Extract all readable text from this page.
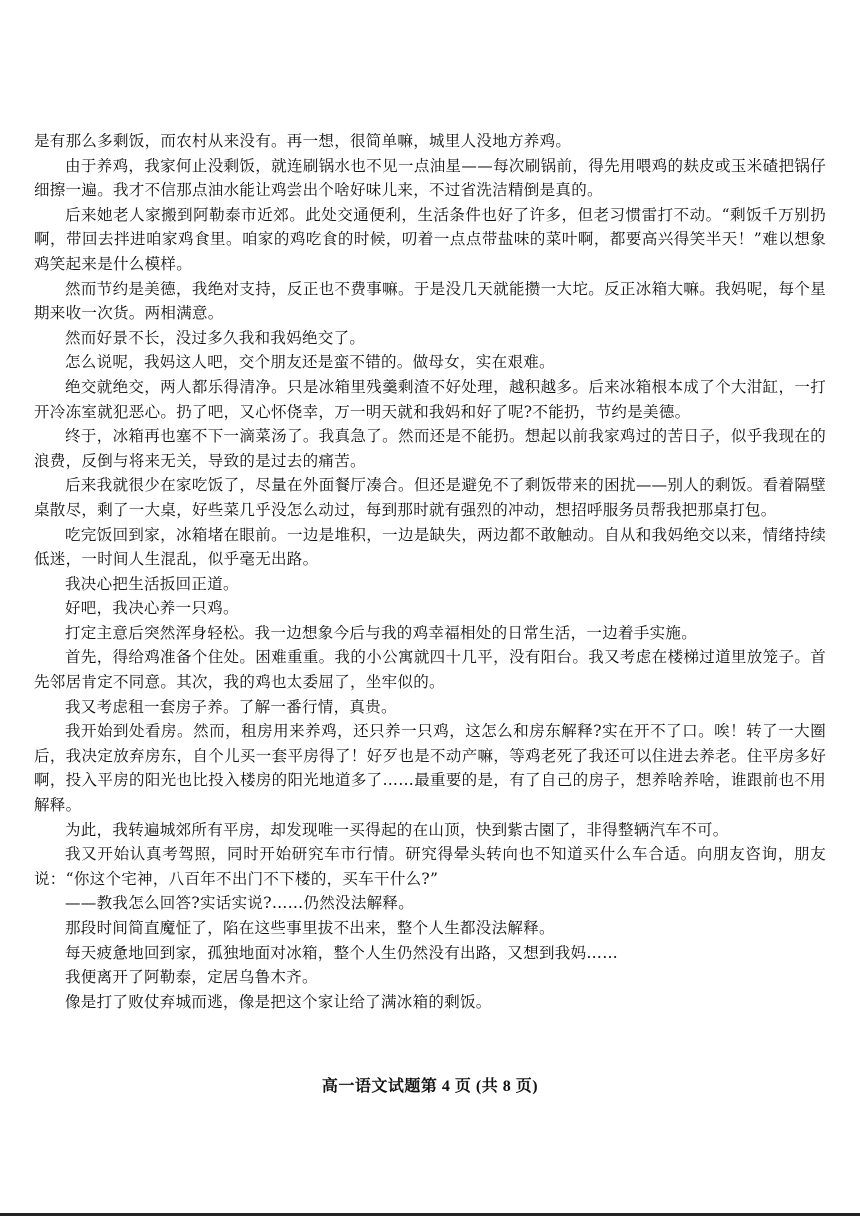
是有那么多剩饭，而农村从来没有。再一想，很简单嘛，城里人没地方养鸡。

由于养鸡，我家何止没剩饭，就连刷锅水也不见一点油星——每次刷锅前，得先用喂鸡的麸皮或玉米碴把锅仔细擦一遍。我才不信那点油水能让鸡尝出个啥好味儿来，不过省洗洁精倒是真的。

后来她老人家搬到阿勒泰市近郊。此处交通便利，生活条件也好了许多，但老习惯雷打不动。“剩饭千万别扔啊，带回去拌进咱家鸡食里。咱家的鸡吃食的时候，叨着一点点带盐味的菜叶啊，都要高兴得笑半天！”难以想象鸡笑起来是什么模样。

然而节约是美德，我绝对支持，反正也不费事嘛。于是没几天就能攒一大坨。反正冰箱大嘛。我妈呢，每个星期来收一次货。两相满意。

然而好景不长，没过多久我和我妈绝交了。

怎么说呢，我妈这人吧，交个朋友还是蛮不错的。做母女，实在艰难。

绝交就绝交，两人都乐得清净。只是冰箱里残羹剩渣不好处理，越积越多。后来冰箱根本成了个大泔缸，一打开冷冻室就犯恶心。扔了吧，又心怀侥幸，万一明天就和我妈和好了呢?不能扔，节约是美德。

终于，冰箱再也塞不下一滴菜汤了。我真急了。然而还是不能扔。想起以前我家鸡过的苦日子，似乎我现在的浪费，反倒与将来无关，导致的是过去的痛苦。

后来我就很少在家吃饭了，尽量在外面餐厅凑合。但还是避免不了剩饭带来的困扰——别人的剩饭。看着隔壁桌散尽，剩了一大桌，好些菜几乎没怎么动过，每到那时就有强烈的冲动，想招呼服务员帮我把那桌打包。

吃完饭回到家，冰箱堵在眼前。一边是堆积，一边是缺失，两边都不敢触动。自从和我妈绝交以来，情绪持续低迷，一时间人生混乱，似乎毫无出路。

我决心把生活扳回正道。

好吧，我决心养一只鸡。

打定主意后突然浑身轻松。我一边想象今后与我的鸡幸福相处的日常生活，一边着手实施。

首先，得给鸡准备个住处。困难重重。我的小公寓就四十几平，没有阳台。我又考虑在楼梯过道里放笼子。首先邻居肯定不同意。其次，我的鸡也太委屈了，坐牢似的。

我又考虑租一套房子养。了解一番行情，真贵。

我开始到处看房。然而，租房用来养鸡，还只养一只鸡，这怎么和房东解释?实在开不了口。唉！转了一大圈后，我决定放弃房东，自个儿买一套平房得了！好歹也是不动产嘛，等鸡老死了我还可以住进去养老。住平房多好啊，投入平房的阳光也比投入楼房的阳光地道多了……最重要的是，有了自己的房子，想养啥养啥，谁跟前也不用解释。

为此，我转遍城郊所有平房，却发现唯一买得起的在山顶，快到紫古園了，非得整辆汽车不可。

我又开始认真考驾照，同时开始研究车市行情。研究得晕头转向也不知道买什么车合适。向朋友咨询，朋友说：“你这个宅神，八百年不出门不下楼的，买车干什么?”

——教我怎么回答?实话实说?……仍然没法解释。

那段时间简直魔怔了，陷在这些事里拔不出来，整个人生都没法解释。

每天疲惫地回到家，孤独地面对冰箱，整个人生仍然没有出路，又想到我妈……

我便离开了阿勒泰，定居乌鲁木齐。

像是打了败仗弃城而逃，像是把这个家让给了满冰箱的剩饭。

高一语文试题第 4 页 (共 8 页)
